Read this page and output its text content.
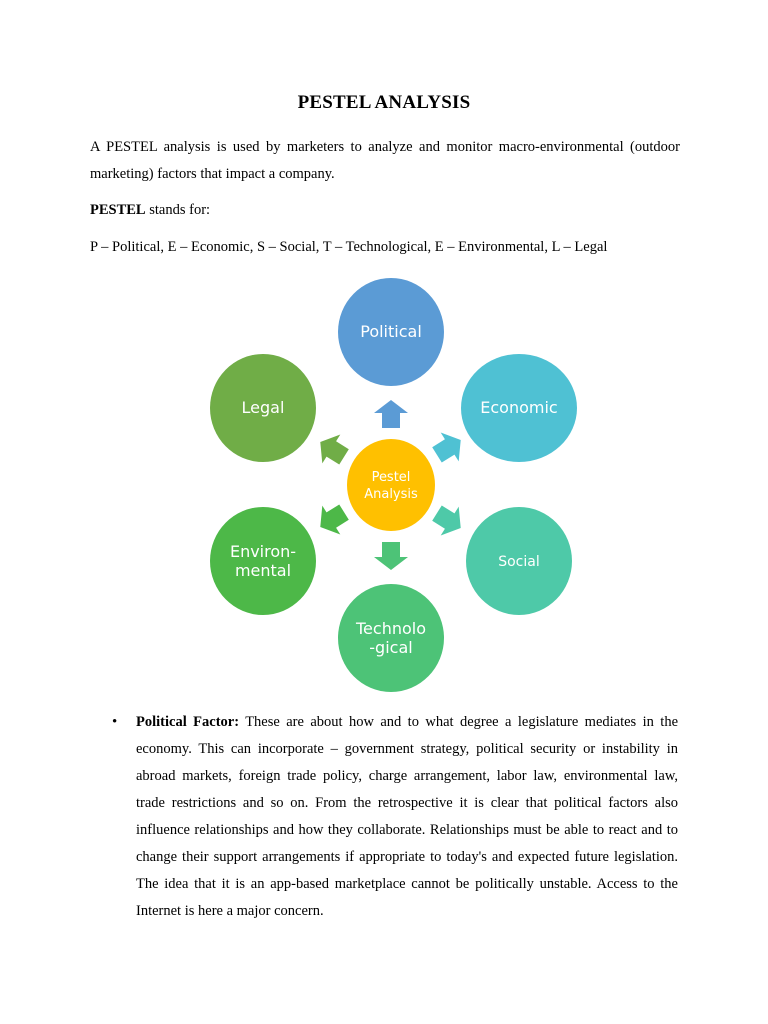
PESTEL ANALYSIS
A PESTEL analysis is used by marketers to analyze and monitor macro-environmental (outdoor marketing) factors that impact a company.
PESTEL stands for:
P – Political, E – Economic, S – Social, T – Technological, E – Environmental, L – Legal
Pestel
Analysis
Political
Economic
Social
Technolo
-gical
Environ-
mental
Legal
• Political Factor: These are about how and to what degree a legislature mediates in the economy. This can incorporate – government strategy, political security or instability in abroad markets, foreign trade policy, charge arrangement, labor law, environmental law, trade restrictions and so on. From the retrospective it is clear that political factors also influence relationships and how they collaborate. Relationships must be able to react and to change their support arrangements if appropriate to today's and expected future legislation. The idea that it is an app-based marketplace cannot be politically unstable. Access to the Internet is here a major concern.
